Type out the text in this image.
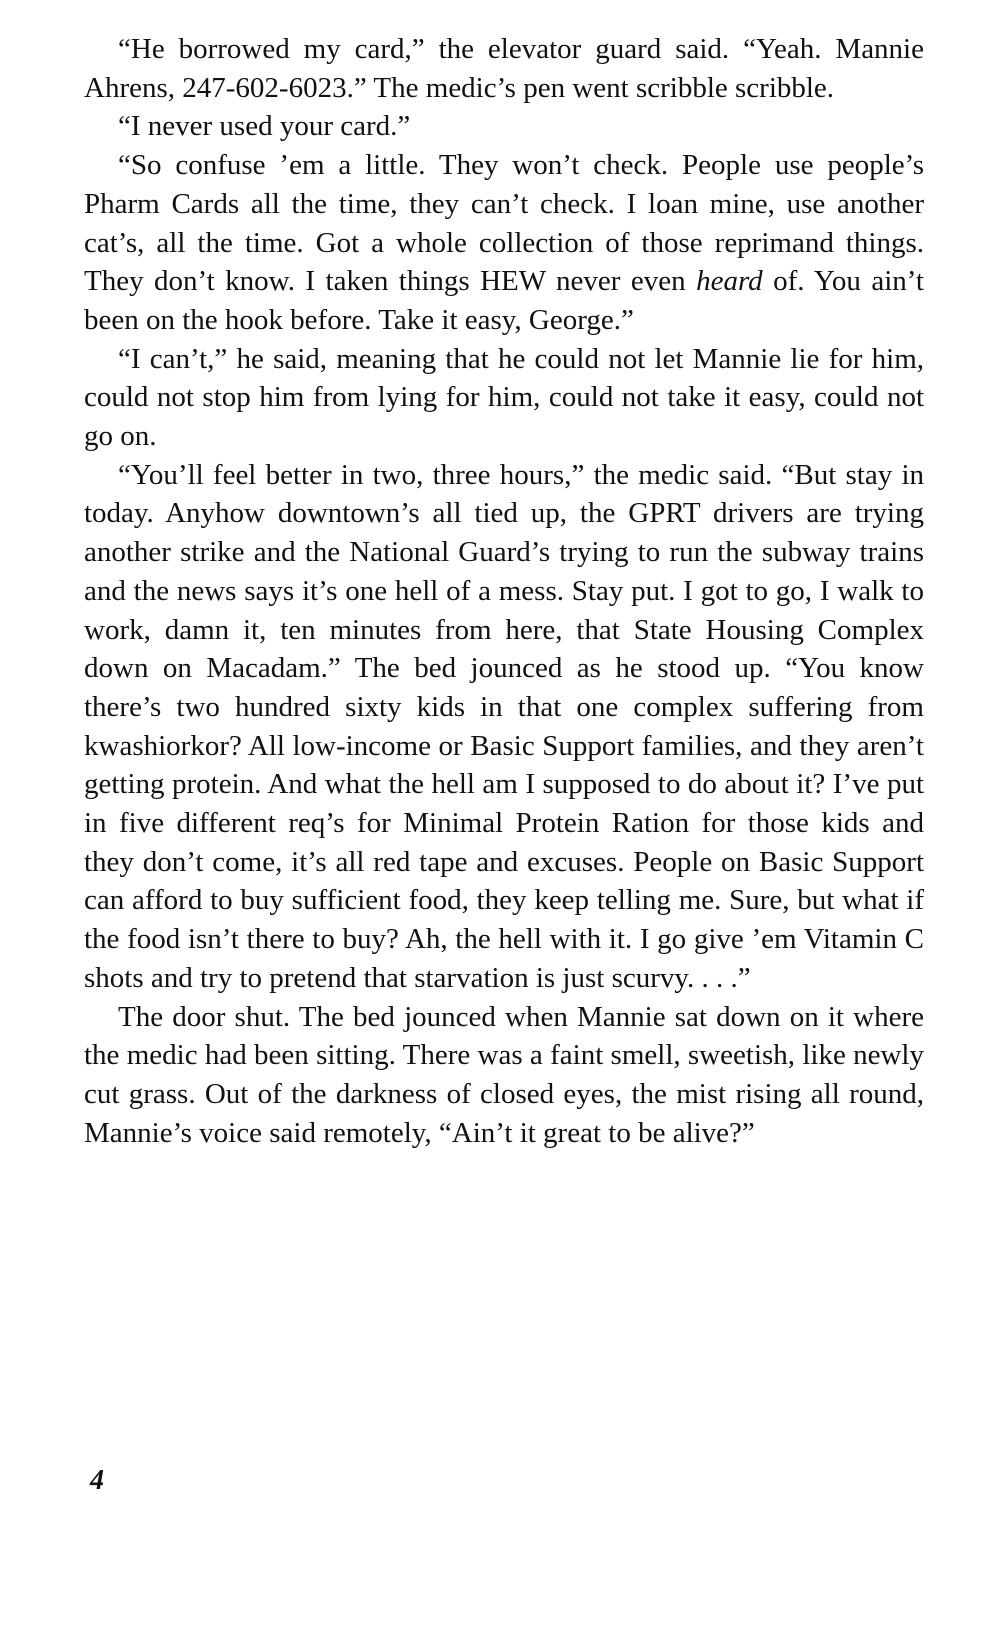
“He borrowed my card,” the elevator guard said. “Yeah. Mannie Ahrens, 247-602-6023.” The medic’s pen went scribble scribble.

“I never used your card.”

“So confuse ’em a little. They won’t check. People use people’s Pharm Cards all the time, they can’t check. I loan mine, use another cat’s, all the time. Got a whole collection of those reprimand things. They don’t know. I taken things HEW never even heard of. You ain’t been on the hook before. Take it easy, George.”

“I can’t,” he said, meaning that he could not let Mannie lie for him, could not stop him from lying for him, could not take it easy, could not go on.

“You’ll feel better in two, three hours,” the medic said. “But stay in today. Anyhow downtown’s all tied up, the GPRT drivers are trying another strike and the National Guard’s trying to run the subway trains and the news says it’s one hell of a mess. Stay put. I got to go, I walk to work, damn it, ten minutes from here, that State Housing Complex down on Macadam.” The bed jounced as he stood up. “You know there’s two hundred sixty kids in that one complex suffering from kwashiorkor? All low-income or Basic Support families, and they aren’t getting protein. And what the hell am I supposed to do about it? I’ve put in five different req’s for Minimal Protein Ration for those kids and they don’t come, it’s all red tape and excuses. People on Basic Support can afford to buy sufficient food, they keep telling me. Sure, but what if the food isn’t there to buy? Ah, the hell with it. I go give ’em Vitamin C shots and try to pretend that starvation is just scurvy. . . .”

The door shut. The bed jounced when Mannie sat down on it where the medic had been sitting. There was a faint smell, sweetish, like newly cut grass. Out of the darkness of closed eyes, the mist rising all round, Mannie’s voice said remotely, “Ain’t it great to be alive?”

4
